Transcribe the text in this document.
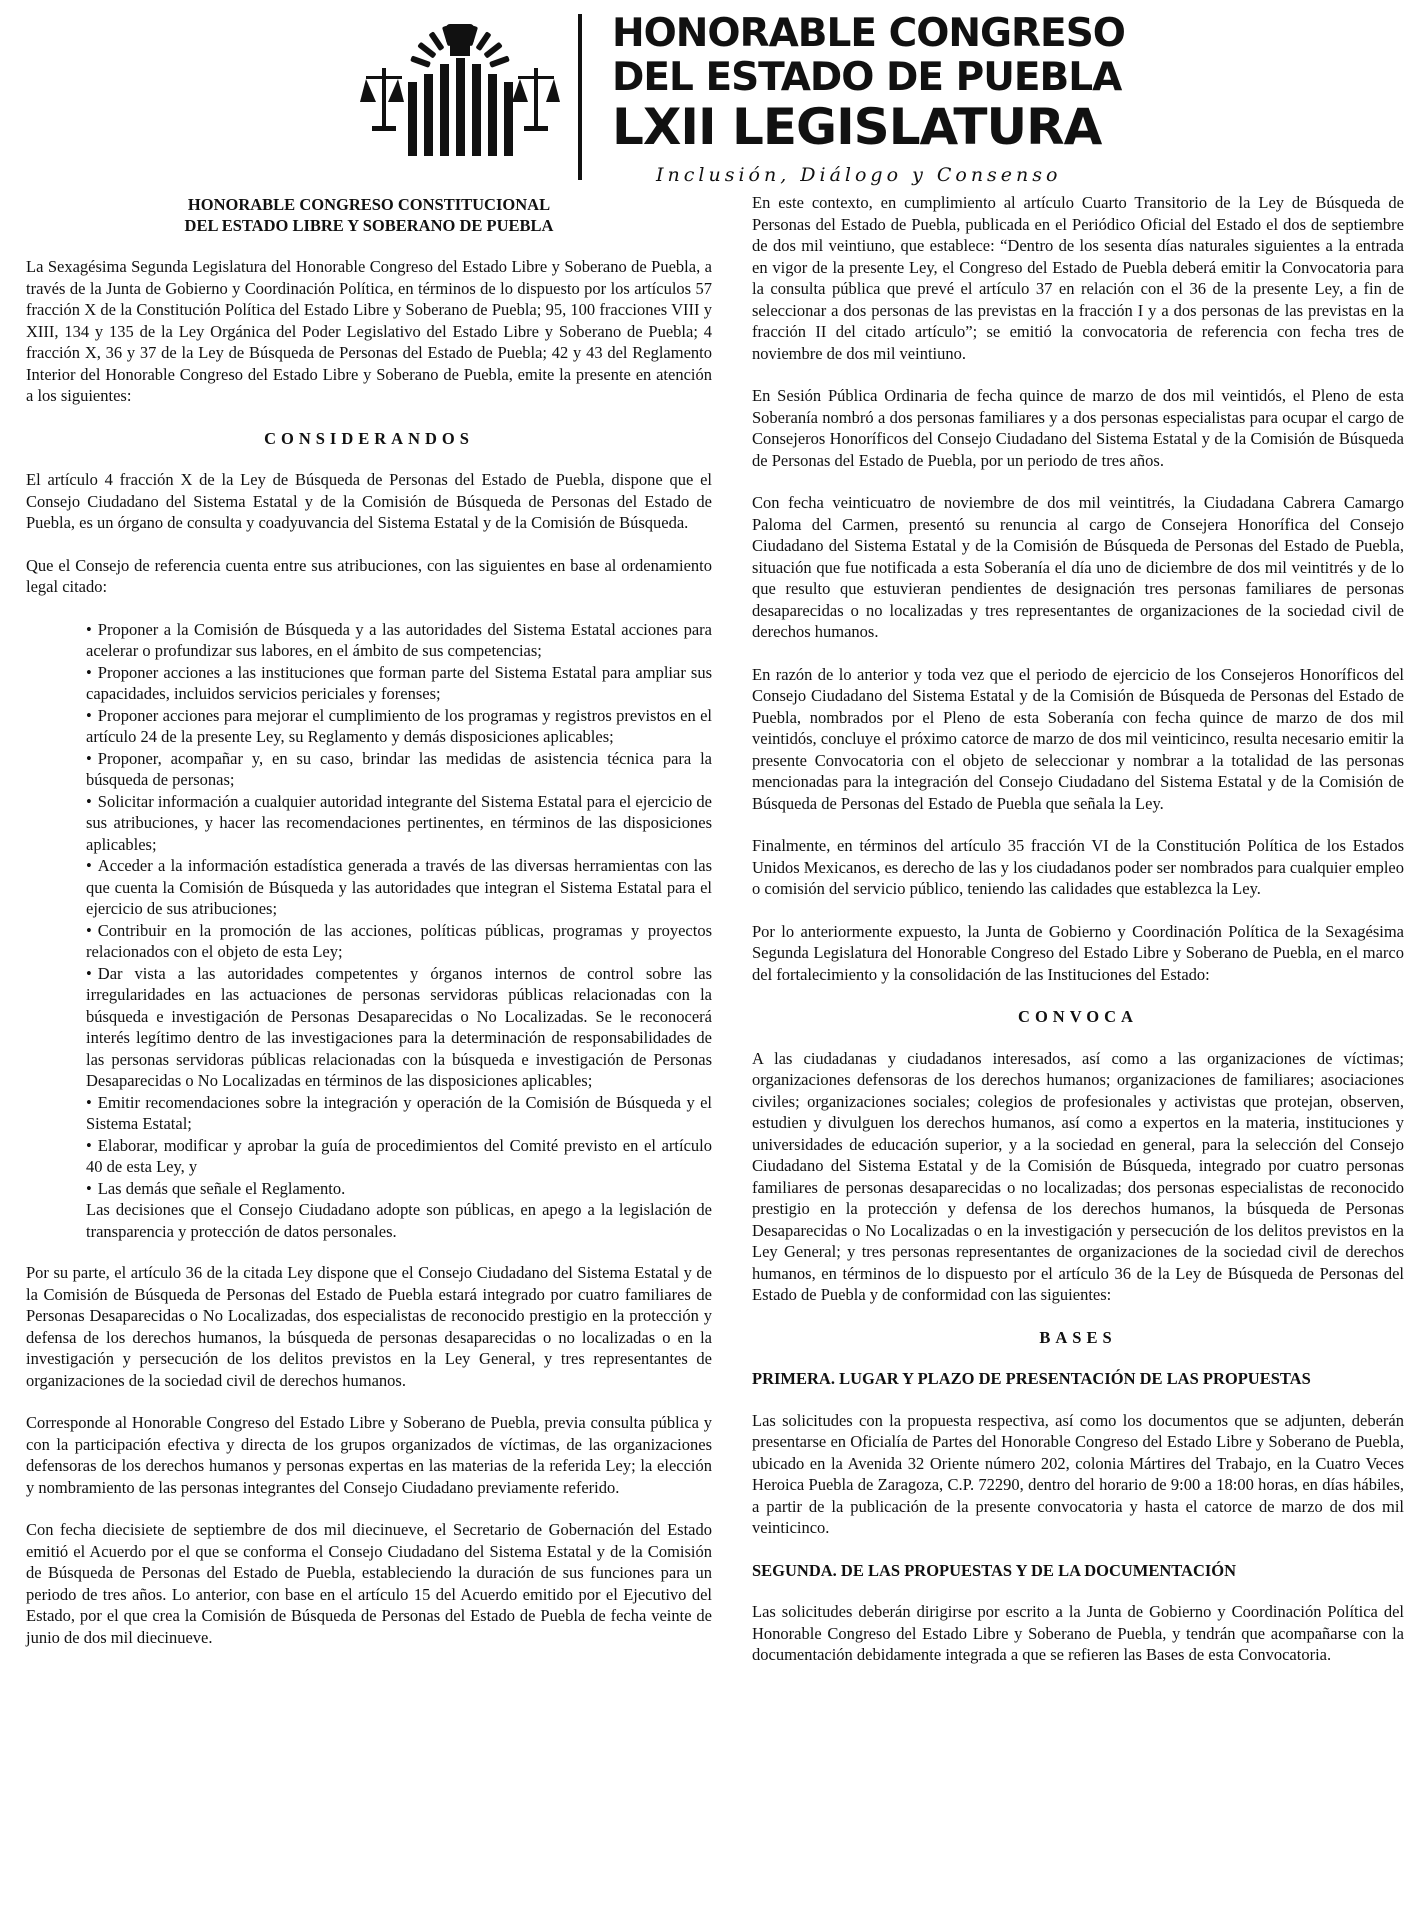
HONORABLE CONGRESO
DEL ESTADO DE PUEBLA
LXII LEGISLATURA
Inclusión, Diálogo y Consenso
HONORABLE CONGRESO CONSTITUCIONAL
DEL ESTADO LIBRE Y SOBERANO DE PUEBLA

La Sexagésima Segunda Legislatura del Honorable Congreso del Estado Libre y Soberano de Puebla, a través de la Junta de Gobierno y Coordinación Política, en términos de lo dispuesto por los artículos 57 fracción X de la Constitución Política del Estado Libre y Soberano de Puebla; 95, 100 fracciones VIII y XIII, 134 y 135 de la Ley Orgánica del Poder Legislativo del Estado Libre y Soberano de Puebla; 4 fracción X, 36 y 37 de la Ley de Búsqueda de Personas del Estado de Puebla; 42 y 43 del Reglamento Interior del Honorable Congreso del Estado Libre y Soberano de Puebla, emite la presente en atención a los siguientes:

CONSIDERANDOS

El artículo 4 fracción X de la Ley de Búsqueda de Personas del Estado de Puebla, dispone que el Consejo Ciudadano del Sistema Estatal y de la Comisión de Búsqueda de Personas del Estado de Puebla, es un órgano de consulta y coadyuvancia del Sistema Estatal y de la Comisión de Búsqueda.

Que el Consejo de referencia cuenta entre sus atribuciones, con las siguientes en base al ordenamiento legal citado:

• Proponer a la Comisión de Búsqueda y a las autoridades del Sistema Estatal acciones para acelerar o profundizar sus labores, en el ámbito de sus competencias;
• Proponer acciones a las instituciones que forman parte del Sistema Estatal para ampliar sus capacidades, incluidos servicios periciales y forenses;
• Proponer acciones para mejorar el cumplimiento de los programas y registros previstos en el artículo 24 de la presente Ley, su Reglamento y demás disposiciones aplicables;
• Proponer, acompañar y, en su caso, brindar las medidas de asistencia técnica para la búsqueda de personas;
• Solicitar información a cualquier autoridad integrante del Sistema Estatal para el ejercicio de sus atribuciones, y hacer las recomendaciones pertinentes, en términos de las disposiciones aplicables;
• Acceder a la información estadística generada a través de las diversas herramientas con las que cuenta la Comisión de Búsqueda y las autoridades que integran el Sistema Estatal para el ejercicio de sus atribuciones;
• Contribuir en la promoción de las acciones, políticas públicas, programas y proyectos relacionados con el objeto de esta Ley;
• Dar vista a las autoridades competentes y órganos internos de control sobre las irregularidades en las actuaciones de personas servidoras públicas relacionadas con la búsqueda e investigación de Personas Desaparecidas o No Localizadas. Se le reconocerá interés legítimo dentro de las investigaciones para la determinación de responsabilidades de las personas servidoras públicas relacionadas con la búsqueda e investigación de Personas Desaparecidas o No Localizadas en términos de las disposiciones aplicables;
• Emitir recomendaciones sobre la integración y operación de la Comisión de Búsqueda y el Sistema Estatal;
• Elaborar, modificar y aprobar la guía de procedimientos del Comité previsto en el artículo 40 de esta Ley, y
• Las demás que señale el Reglamento.
Las decisiones que el Consejo Ciudadano adopte son públicas, en apego a la legislación de transparencia y protección de datos personales.

Por su parte, el artículo 36 de la citada Ley dispone que el Consejo Ciudadano del Sistema Estatal y de la Comisión de Búsqueda de Personas del Estado de Puebla estará integrado por cuatro familiares de Personas Desaparecidas o No Localizadas, dos especialistas de reconocido prestigio en la protección y defensa de los derechos humanos, la búsqueda de personas desaparecidas o no localizadas o en la investigación y persecución de los delitos previstos en la Ley General, y tres representantes de organizaciones de la sociedad civil de derechos humanos.

Corresponde al Honorable Congreso del Estado Libre y Soberano de Puebla, previa consulta pública y con la participación efectiva y directa de los grupos organizados de víctimas, de las organizaciones defensoras de los derechos humanos y personas expertas en las materias de la referida Ley; la elección y nombramiento de las personas integrantes del Consejo Ciudadano previamente referido.

Con fecha diecisiete de septiembre de dos mil diecinueve, el Secretario de Gobernación del Estado emitió el Acuerdo por el que se conforma el Consejo Ciudadano del Sistema Estatal y de la Comisión de Búsqueda de Personas del Estado de Puebla, estableciendo la duración de sus funciones para un periodo de tres años. Lo anterior, con base en el artículo 15 del Acuerdo emitido por el Ejecutivo del Estado, por el que crea la Comisión de Búsqueda de Personas del Estado de Puebla de fecha veinte de junio de dos mil diecinueve.

En este contexto, en cumplimiento al artículo Cuarto Transitorio de la Ley de Búsqueda de Personas del Estado de Puebla, publicada en el Periódico Oficial del Estado el dos de septiembre de dos mil veintiuno, que establece: “Dentro de los sesenta días naturales siguientes a la entrada en vigor de la presente Ley, el Congreso del Estado de Puebla deberá emitir la Convocatoria para la consulta pública que prevé el artículo 37 en relación con el 36 de la presente Ley, a fin de seleccionar a dos personas de las previstas en la fracción I y a dos personas de las previstas en la fracción II del citado artículo”; se emitió la convocatoria de referencia con fecha tres de noviembre de dos mil veintiuno.

En Sesión Pública Ordinaria de fecha quince de marzo de dos mil veintidós, el Pleno de esta Soberanía nombró a dos personas familiares y a dos personas especialistas para ocupar el cargo de Consejeros Honoríficos del Consejo Ciudadano del Sistema Estatal y de la Comisión de Búsqueda de Personas del Estado de Puebla, por un periodo de tres años.

Con fecha veinticuatro de noviembre de dos mil veintitrés, la Ciudadana Cabrera Camargo Paloma del Carmen, presentó su renuncia al cargo de Consejera Honorífica del Consejo Ciudadano del Sistema Estatal y de la Comisión de Búsqueda de Personas del Estado de Puebla, situación que fue notificada a esta Soberanía el día uno de diciembre de dos mil veintitrés y de lo que resulto que estuvieran pendientes de designación tres personas familiares de personas desaparecidas o no localizadas y tres representantes de organizaciones de la sociedad civil de derechos humanos.

En razón de lo anterior y toda vez que el periodo de ejercicio de los Consejeros Honoríficos del Consejo Ciudadano del Sistema Estatal y de la Comisión de Búsqueda de Personas del Estado de Puebla, nombrados por el Pleno de esta Soberanía con fecha quince de marzo de dos mil veintidós, concluye el próximo catorce de marzo de dos mil veinticinco, resulta necesario emitir la presente Convocatoria con el objeto de seleccionar y nombrar a la totalidad de las personas mencionadas para la integración del Consejo Ciudadano del Sistema Estatal y de la Comisión de Búsqueda de Personas del Estado de Puebla que señala la Ley.

Finalmente, en términos del artículo 35 fracción VI de la Constitución Política de los Estados Unidos Mexicanos, es derecho de las y los ciudadanos poder ser nombrados para cualquier empleo o comisión del servicio público, teniendo las calidades que establezca la Ley.

Por lo anteriormente expuesto, la Junta de Gobierno y Coordinación Política de la Sexagésima Segunda Legislatura del Honorable Congreso del Estado Libre y Soberano de Puebla, en el marco del fortalecimiento y la consolidación de las Instituciones del Estado:

CONVOCA

A las ciudadanas y ciudadanos interesados, así como a las organizaciones de víctimas; organizaciones defensoras de los derechos humanos; organizaciones de familiares; asociaciones civiles; organizaciones sociales; colegios de profesionales y activistas que protejan, observen, estudien y divulguen los derechos humanos, así como a expertos en la materia, instituciones y universidades de educación superior, y a la sociedad en general, para la selección del Consejo Ciudadano del Sistema Estatal y de la Comisión de Búsqueda, integrado por cuatro personas familiares de personas desaparecidas o no localizadas; dos personas especialistas de reconocido prestigio en la protección y defensa de los derechos humanos, la búsqueda de Personas Desaparecidas o No Localizadas o en la investigación y persecución de los delitos previstos en la Ley General; y tres personas representantes de organizaciones de la sociedad civil de derechos humanos, en términos de lo dispuesto por el artículo 36 de la Ley de Búsqueda de Personas del Estado de Puebla y de conformidad con las siguientes:

BASES
PRIMERA. LUGAR Y PLAZO DE PRESENTACIÓN DE LAS PROPUESTAS

Las solicitudes con la propuesta respectiva, así como los documentos que se adjunten, deberán presentarse en Oficialía de Partes del Honorable Congreso del Estado Libre y Soberano de Puebla, ubicado en la Avenida 32 Oriente número 202, colonia Mártires del Trabajo, en la Cuatro Veces Heroica Puebla de Zaragoza, C.P. 72290, dentro del horario de 9:00 a 18:00 horas, en días hábiles, a partir de la publicación de la presente convocatoria y hasta el catorce de marzo de dos mil veinticinco.

SEGUNDA. DE LAS PROPUESTAS Y DE LA DOCUMENTACIÓN

Las solicitudes deberán dirigirse por escrito a la Junta de Gobierno y Coordinación Política del Honorable Congreso del Estado Libre y Soberano de Puebla, y tendrán que acompañarse con la documentación debidamente integrada a que se refieren las Bases de esta Convocatoria.
